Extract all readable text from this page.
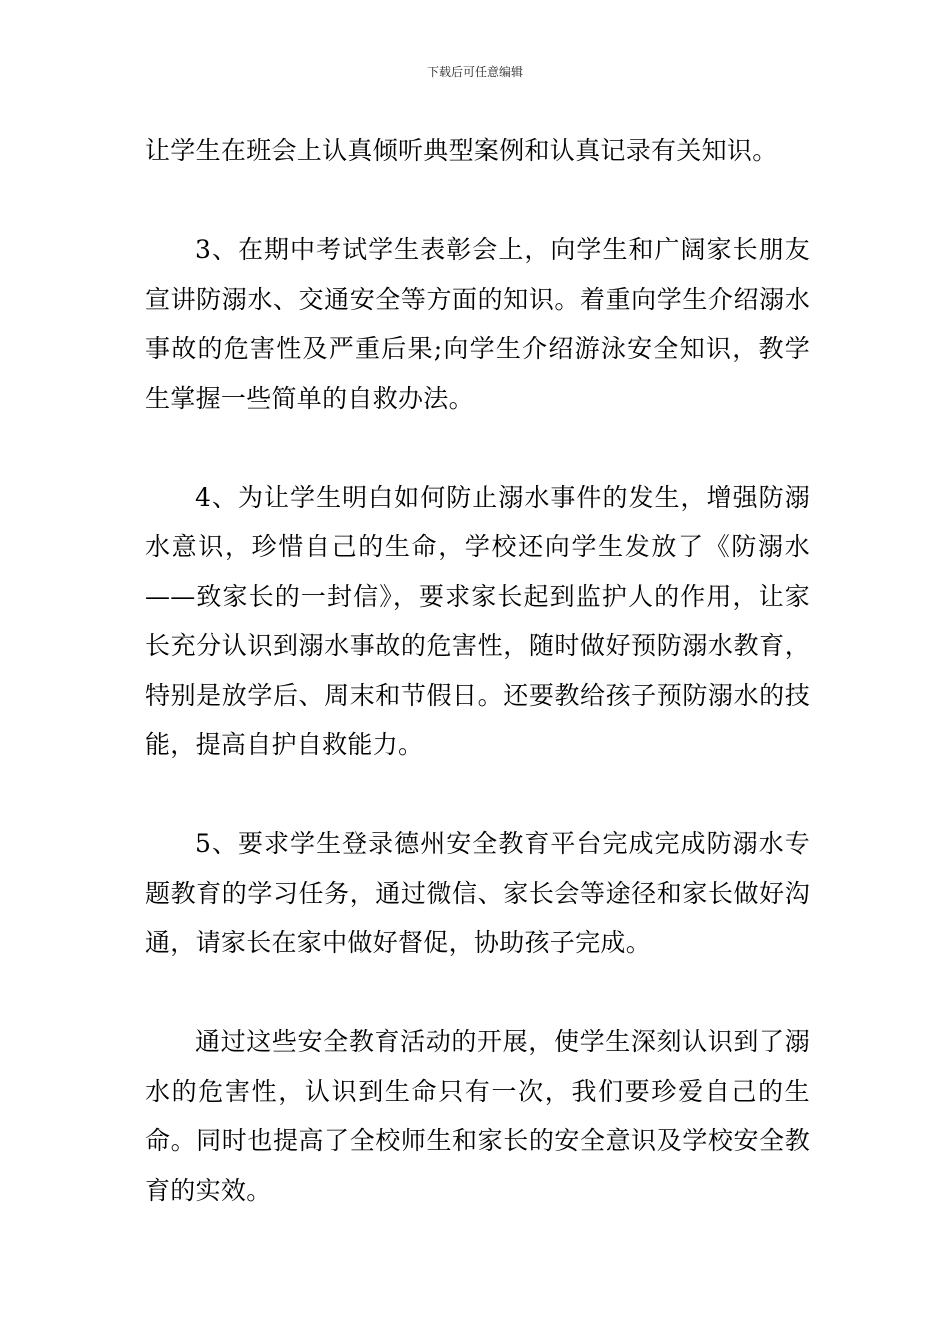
下载后可任意编辑

让学生在班会上认真倾听典型案例和认真记录有关知识。

3、在期中考试学生表彰会上，向学生和广阔家长朋友宣讲防溺水、交通安全等方面的知识。着重向学生介绍溺水事故的危害性及严重后果;向学生介绍游泳安全知识，教学生掌握一些简单的自救办法。

4、为让学生明白如何防止溺水事件的发生，增强防溺水意识，珍惜自己的生命，学校还向学生发放了《防溺水——致家长的一封信》，要求家长起到监护人的作用，让家长充分认识到溺水事故的危害性，随时做好预防溺水教育，特别是放学后、周末和节假日。还要教给孩子预防溺水的技能，提高自护自救能力。

5、要求学生登录德州安全教育平台完成完成防溺水专题教育的学习任务，通过微信、家长会等途径和家长做好沟通，请家长在家中做好督促，协助孩子完成。

通过这些安全教育活动的开展，使学生深刻认识到了溺水的危害性，认识到生命只有一次，我们要珍爱自己的生命。同时也提高了全校师生和家长的安全意识及学校安全教育的实效。
